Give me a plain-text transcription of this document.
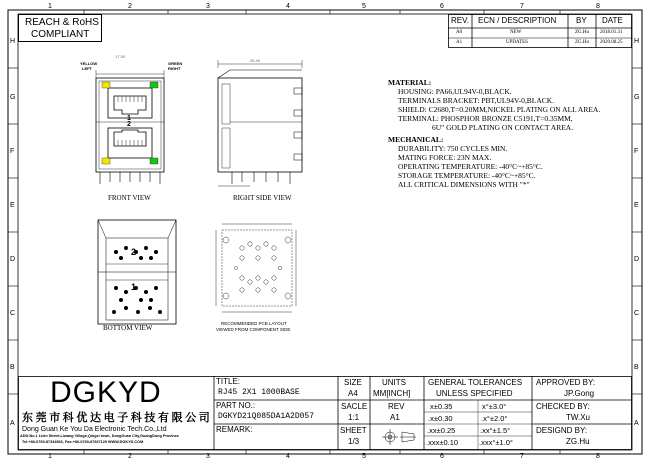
1	2	3	4	5	6	7	8
1	2	3	4	5	6	7	8
H
G
F
E
D
C
B
A
H
G
F
E
D
C
B
A
REACH & RoHS
COMPLIANT
REV. ECN / DESCRIPTION BY DATE
A0	NEW	ZG.Hu 2018.01.31
A1	UPDATES	ZG.Hu 2020.08.25
17.30
YELLOW
LEFT
GREEN
RIGHT
1
2
FRONT VIEW
26.40
RIGHT SIDE VIEW
2
1
BOTTOM VIEW
RECOMMENDED PCB LAYOUT
VIEWED FROM COMPONENT SIDE
MATERIAL:
HOUSING: PA66,UL94V-0,BLACK.
TERMINALS BRACKET: PBT,UL94V-0,BLACK.
SHIELD: C2680,T=0.20MM,NICKEL PLATING ON ALL AREA.
TERMINAL: PHOSPHOR BRONZE C5191,T=0.35MM,
6U" GOLD PLATING ON CONTACT AREA.
MECHANICAL:
DURABILITY: 750 CYCLES MIN.
MATING FORCE: 23N MAX.
OPERATING TEMPERATURE: -40°C~+85°C.
STORAGE TEMPERATURE: -40°C~+85°C.
ALL CRITICAL DIMENSIONS WITH "*"
DGKYD
东莞市科优达电子科技有限公司
Dong Guan Ke You Da Electronic Tech.Co.,Ltd
ADD:No.1 Lixin Street,Liwang Village,Qingxi town, DongGuan City,GuangDong Province
Tel:+86-0769-87334666, Fax:+86-0769-87667129 WWW.DGKYD.COM
TITLE:
RJ45 2X1 1000BASE
PART NO.:
DGKYD21Q085DA1A2D057
REMARK:
SIZE
A4
SACLE
1:1
SHEET
1/3
UNITS
MM[INCH]
REV
A1
GENERAL TOLERANCES
UNLESS SPECIFIED
x±0.35	x°±3.0°
.x±0.30	.x°±2.0°
.xx±0.25	.xx°±1.5°
.xxx±0.10	.xxx°±1.0°
APPROVED BY:
JP.Gong
CHECKED BY:
TW.Xu
DESIGND BY:
ZG.Hu
